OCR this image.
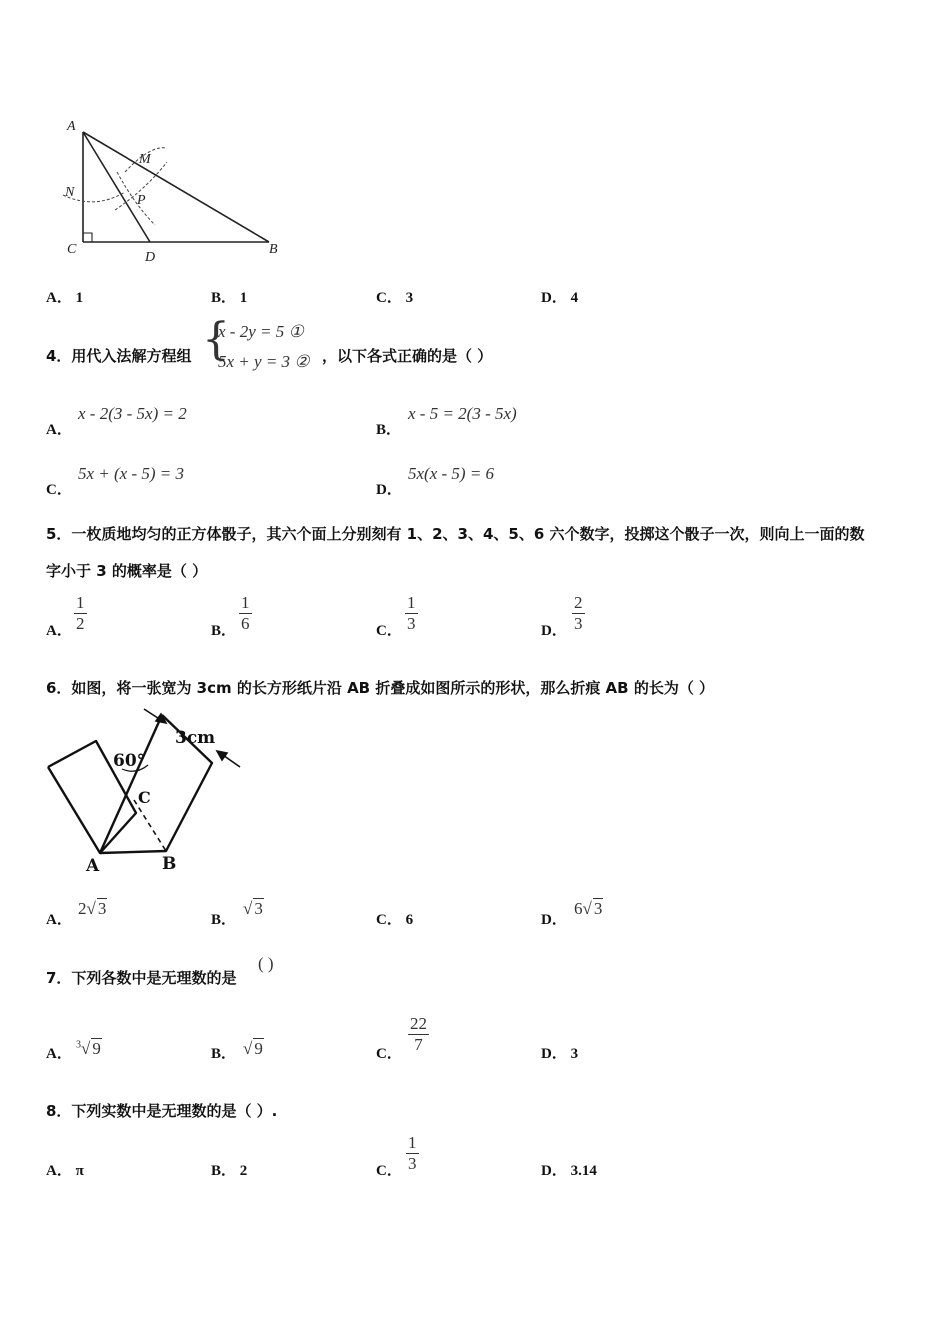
A
M
N
P
C
D
B
A． 1	B． 1	C． 3	D． 4
4．用代入法解方程组 {
x - 2y = 5 ①
5x + y = 3 ② ，以下各式正确的是（ ）
A．
x - 2(3 - 5x) = 2
B．
x - 5 = 2(3 - 5x)
C．
5x + (x - 5) = 3
D．
5x(x - 5) = 6
5．一枚质地均匀的正方体骰子，其六个面上分别刻有 1、2、3、4、5、6 六个数字，投掷这个骰子一次，则向上一面的数
字小于 3 的概率是（ ）
A．
1
2	B．
1
6	C．
1
3	D．
2
3
6．如图，将一张宽为 3cm 的长方形纸片沿 AB 折叠成如图所示的形状，那么折痕 AB 的长为（ ）
3cm
60°
C
A	B
A．
2√ 3
B．
√ 3
C． 6	D．
6√ 3
7．下列各数中是无理数的是
( )
A．
$^3$√ 9	B． √ 9	C．
22
7
D． 3
8．下列实数中是无理数的是（ ）.
A． π	B． 2	C．
1
3	D． 3.14
